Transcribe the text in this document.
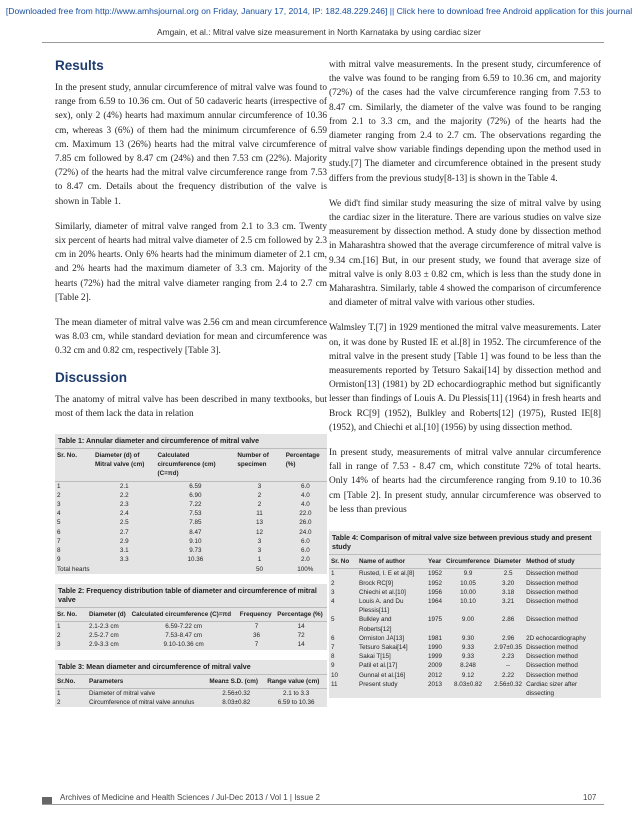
[Downloaded free from http://www.amhsjournal.org on Friday, January 17, 2014, IP: 182.48.229.246] || Click here to download free Android application for this journal
Amgain, et al.: Mitral valve size measurement in North Karnataka by using cardiac sizer
Results

In the present study, annular circumference of mitral valve was found to range from 6.59 to 10.36 cm. Out of 50 cadaveric hearts (irrespective of sex), only 2 (4%) hearts had maximum annular circumference of 10.36 cm, whereas 3 (6%) of them had the minimum circumference of 6.59 cm. Maximum 13 (26%) hearts had the mitral valve circumference of 7.85 cm followed by 8.47 cm (24%) and then 7.53 cm (22%). Majority (72%) of the hearts had the mitral valve circumference range from 7.53 to 8.47 cm. Details about the frequency distribution of the valve is shown in Table 1.

Similarly, diameter of mitral valve ranged from 2.1 to 3.3 cm. Twenty six percent of hearts had mitral valve diameter of 2.5 cm followed by 2.3 cm in 20% hearts. Only 6% hearts had the minimum diameter of 2.1 cm, and 2% hearts had the maximum diameter of 3.3 cm. Majority of the hearts (72%) had the mitral valve diameter ranging from 2.4 to 2.7 cm [Table 2].

The mean diameter of mitral valve was 2.56 cm and mean circumference was 8.03 cm, while standard deviation for mean and circumference was 0.32 cm and 0.82 cm, respectively [Table 3].

Discussion

The anatomy of mitral valve has been described in many textbooks, but most of them lack the data in relation

Table 1: Annular diameter and circumference of mitral valve
Sr. No.	Diameter (d) of Mitral valve (cm)	Calculated circumference (cm) (C=πd)	Number of specimen	Percentage (%)
1	2.1	6.59	3	6.0
2	2.2	6.90	2	4.0
3	2.3	7.22	2	4.0
4	2.4	7.53	11	22.0
5	2.5	7.85	13	26.0
6	2.7	8.47	12	24.0
7	2.9	9.10	3	6.0
8	3.1	9.73	3	6.0
9	3.3	10.36	1	2.0
Total hearts			50	100%
Table 2: Frequency distribution table of diameter and circumference of mitral valve
Sr. No.	Diameter (d)	Calculated circumference (C)=πd	Frequency	Percentage (%)
1	2.1-2.3 cm	6.59-7.22 cm	7	14
2	2.5-2.7 cm	7.53-8.47 cm	36	72
3	2.9-3.3 cm	9.10-10.36 cm	7	14
Table 3: Mean diameter and circumference of mitral valve
Sr.No.	Parameters	Mean± S.D. (cm)	Range value (cm)
1	Diameter of mitral valve	2.56±0.32	2.1 to 3.3
2	Circumference of mitral valve annulus	8.03±0.82	6.59 to 10.36

with mitral valve measurements. In the present study, circumference of the valve was found to be ranging from 6.59 to 10.36 cm, and majority (72%) of the cases had the valve circumference ranging from 7.53 to 8.47 cm. Similarly, the diameter of the valve was found to be ranging from 2.1 to 3.3 cm, and the majority (72%) of the hearts had the diameter ranging from 2.4 to 2.7 cm. The observations regarding the mitral valve show variable findings depending upon the method used in study.[7] The diameter and circumference obtained in the present study differs from the previous study[8-13] is shown in the Table 4.

We did't find similar study measuring the size of mitral valve by using the cardiac sizer in the literature. There are various studies on valve size measurement by dissection method. A study done by dissection method in Maharashtra showed that the average circumference of mitral valve is 9.34 cm.[16] But, in our present study, we found that average size of mitral valve is only 8.03 ± 0.82 cm, which is less than the study done in Maharashtra. Similarly, table 4 showed the comparison of circumference and diameter of mitral valve with various other studies.

Walmsley T.[7] in 1929 mentioned the mitral valve measurements. Later on, it was done by Rusted IE et al.[8] in 1952. The circumference of the mitral valve in the present study [Table 1] was found to be less than the measurements reported by Tetsuro Sakai[14] by dissection method and Ormiston[13] (1981) by 2D echocardiographic method but significantly lesser than findings of Louis A. Du Plessis[11] (1964) in fresh hearts and Brock RC[9] (1952), Bulkley and Roberts[12] (1975), Rusted IE[8] (1952), and Chiechi et al.[10] (1956) by using dissection method.

In present study, measurements of mitral valve annular circumference fall in range of 7.53 - 8.47 cm, which constitute 72% of total hearts. Only 14% of hearts had the circumference ranging from 9.10 to 10.36 cm [Table 2]. In present study, annular circumference was observed to be less than previous

Table 4: Comparison of mitral valve size between previous study and present study
Sr. No	Name of author	Year	Circumference	Diameter	Method of study
1	Rusted, I. E et al.[8]	1952	9.9	2.5	Dissection method
2	Brock RC[9]	1952	10.05	3.20	Dissection method
3	Chiechi et al.[10]	1956	10.00	3.18	Dissection method
4	Louis A. and Du Plessis[11]	1964	10.10	3.21	Dissection method
5	Bulkley and Roberts[12]	1975	9.00	2.86	Dissection method
6	Ormiston JA[13]	1981	9.30	2.96	2D echocardiography
7	Tetsuro Sakai[14]	1990	9.33	2.97±0.35	Dissection method
8	Sakai T[15]	1999	9.33	2.23	Dissection method
9	Patil et al.[17]	2009	8.248	--	Dissection method
10	Gunnal et al.[16]	2012	9.12	2.22	Dissection method
11	Present study	2013	8.03±0.82	2.56±0.32	Cardiac sizer after dissecting
Archives of Medicine and Health Sciences / Jul-Dec 2013 / Vol 1 | Issue 2	107
